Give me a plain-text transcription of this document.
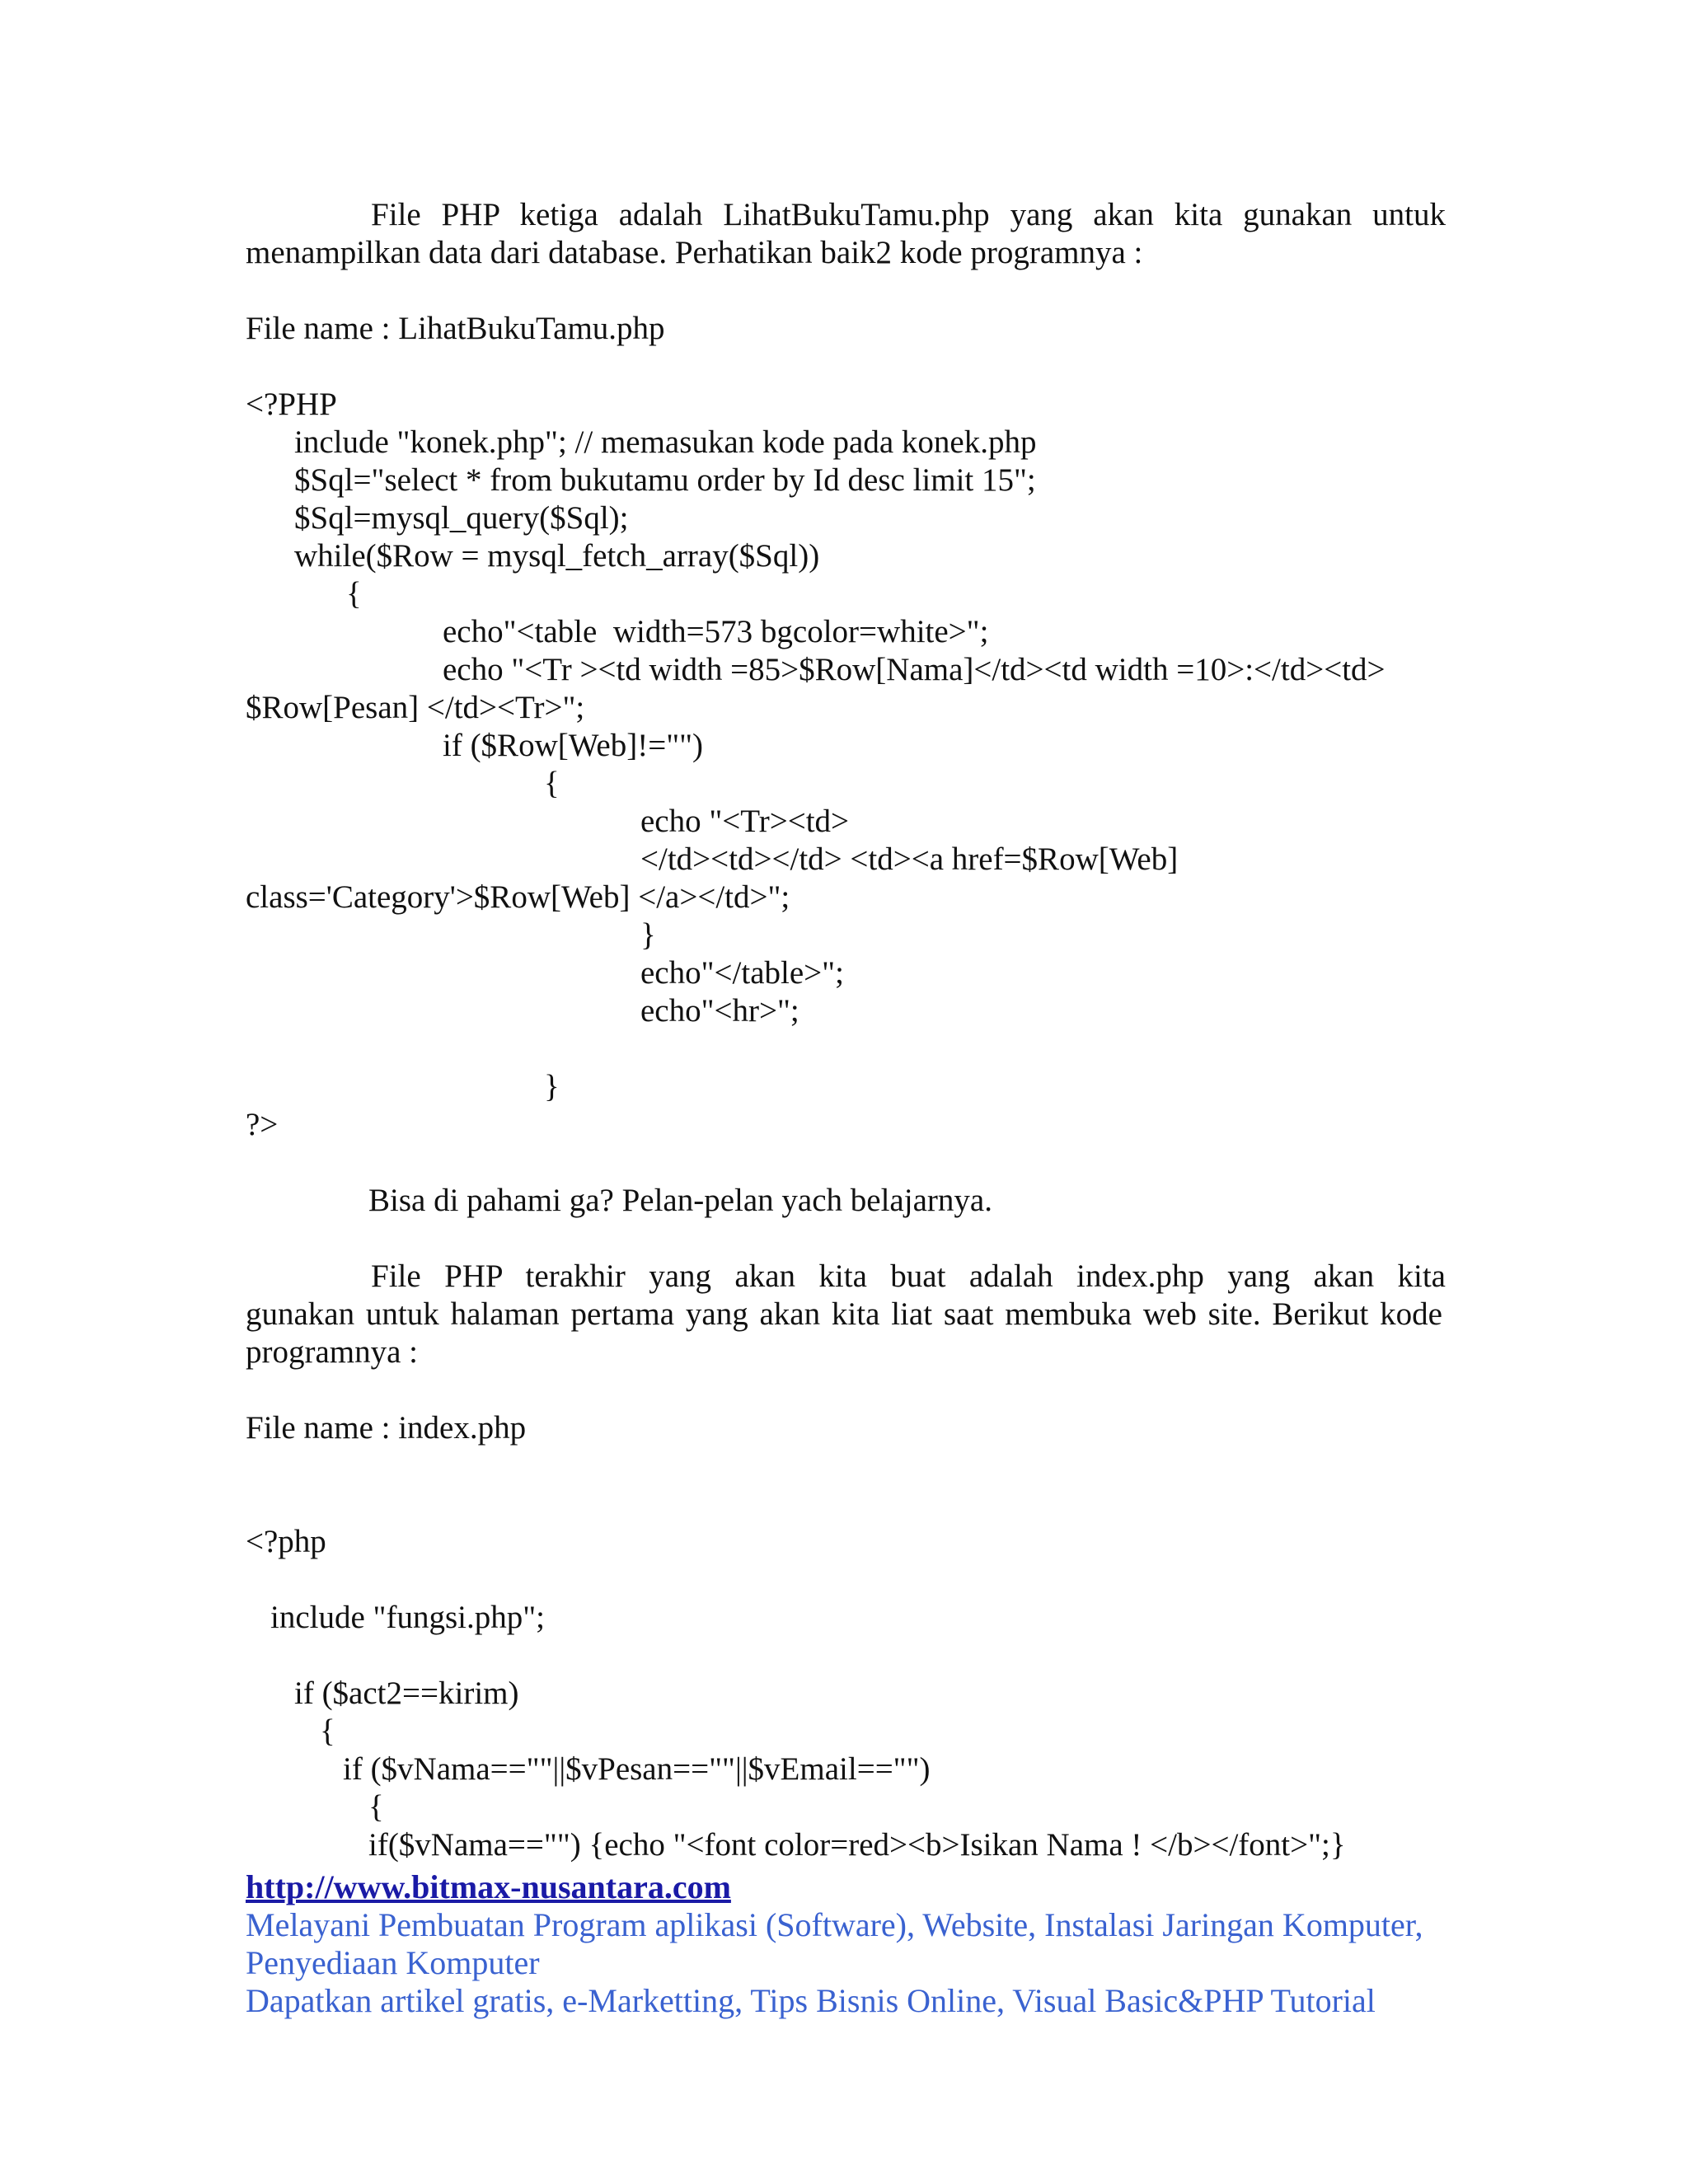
File PHP ketiga adalah LihatBukuTamu.php yang akan kita gunakan untuk

menampilkan data dari database. Perhatikan baik2 kode programnya :

File name : LihatBukuTamu.php

<?PHP

include "konek.php"; // memasukan kode pada konek.php

$Sql="select * from bukutamu order by Id desc limit 15";

$Sql=mysql_query($Sql);

while($Row = mysql_fetch_array($Sql))

{

echo"<table  width=573 bgcolor=white>";

echo "<Tr ><td width =85>$Row[Nama]</td><td width =10>:</td><td>

$Row[Pesan] </td><Tr>";

if ($Row[Web]!="")

{

echo "<Tr><td>

</td><td></td> <td><a href=$Row[Web]

class='Category'>$Row[Web] </a></td>";

}

echo"</table>";

echo"<hr>";

}

?>

Bisa di pahami ga? Pelan-pelan yach belajarnya.

File PHP terakhir yang akan kita buat adalah index.php yang akan kita

gunakan untuk halaman pertama yang akan kita liat saat membuka web site. Berikut kode

programnya :

File name : index.php

<?php

include "fungsi.php";

if ($act2==kirim)

{

if ($vNama==""||$vPesan==""||$vEmail=="")

{

if($vNama=="") {echo "<font color=red><b>Isikan Nama ! </b></font>";}

http://www.bitmax-nusantara.com

Melayani Pembuatan Program aplikasi (Software), Website, Instalasi Jaringan Komputer,

Penyediaan Komputer

Dapatkan artikel gratis, e-Marketting, Tips Bisnis Online, Visual Basic&PHP Tutorial
